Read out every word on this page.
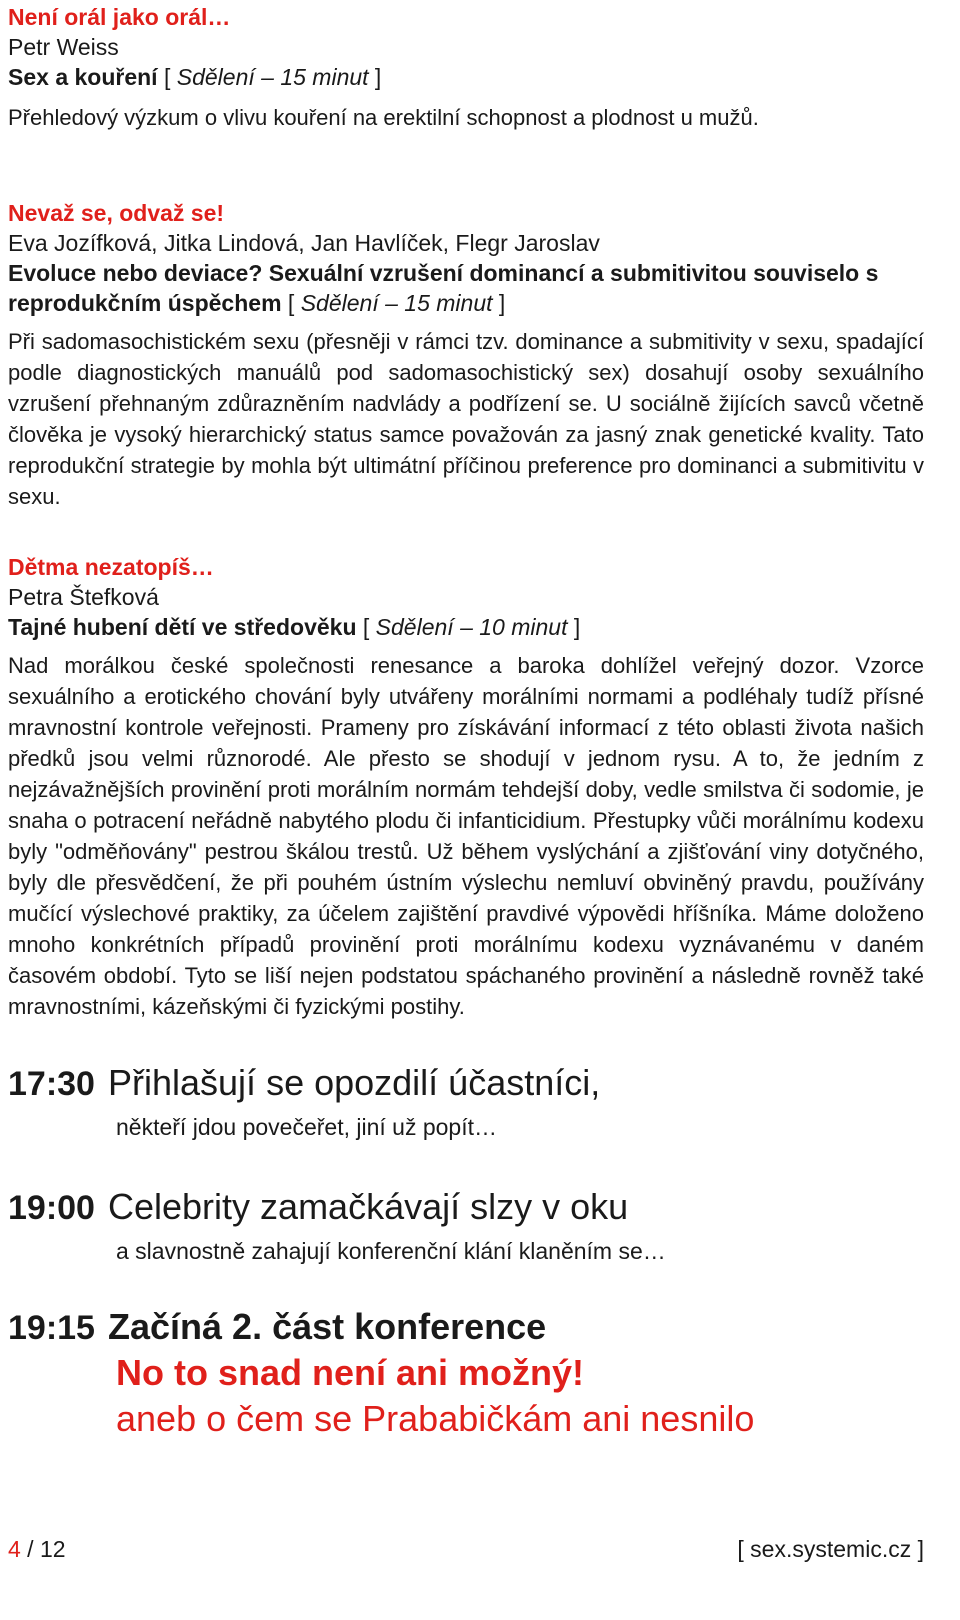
Není orál jako orál…
Petr Weiss
Sex a kouření [ Sdělení – 15 minut ]
Přehledový výzkum o vlivu kouření na erektilní schopnost a plodnost u mužů.
Nevaž se, odvaž se!
Eva Jozífková, Jitka Lindová, Jan Havlíček, Flegr Jaroslav
Evoluce nebo deviace? Sexuální vzrušení dominancí a submitivitou souviselo s reprodukčním úspěchem [ Sdělení – 15 minut ]
Při sadomasochistickém sexu (přesněji v rámci tzv. dominance a submitivity v sexu, spadající podle diagnostických manuálů pod sadomasochistický sex) dosahují osoby sexuálního vzrušení přehnaným zdůrazněním nadvlády a podřízení se. U sociálně žijících savců včetně člověka je vysoký hierarchický status samce považován za jasný znak genetické kvality. Tato reprodukční strategie by mohla být ultimátní příčinou preference pro dominanci a submitivitu v sexu.
Dětma nezatopíš…
Petra Štefková
Tajné hubení dětí ve středověku [ Sdělení – 10 minut ]
Nad morálkou české společnosti renesance a baroka dohlížel veřejný dozor. Vzorce sexuálního a erotického chování byly utvářeny morálními normami a podléhaly tudíž přísné mravnostní kontrole veřejnosti. Prameny pro získávání informací z této oblasti života našich předků jsou velmi různorodé. Ale přesto se shodují v jednom rysu. A to, že jedním z nejzávažnějších provinění proti morálním normám tehdejší doby, vedle smilstva či sodomie, je snaha o potracení neřádně nabytého plodu či infanticidium. Přestupky vůči morálnímu kodexu byly "odměňovány" pestrou škálou trestů. Už během vyslýchání a zjišťování viny dotyčného, byly dle přesvědčení, že při pouhém ústním výslechu nemluví obviněný pravdu, používány mučící výslechové praktiky, za účelem zajištění pravdivé výpovědi hříšníka. Máme doloženo mnoho konkrétních případů provinění proti morálnímu kodexu vyznávanému v daném časovém období. Tyto se liší nejen podstatou spáchaného provinění a následně rovněž také mravnostními, kázeňskými či fyzickými postihy.
17:30 Přihlašují se opozdilí účastníci,
někteří jdou povečeřet, jiní už popít…
19:00 Celebrity zamačkávají slzy v oku
a slavnostně zahajují konferenční klání klaněním se…
19:15 Začíná 2. část konference
No to snad není ani možný!
aneb o čem se Prababičkám ani nesnilo
4 / 12	[ sex.systemic.cz ]
